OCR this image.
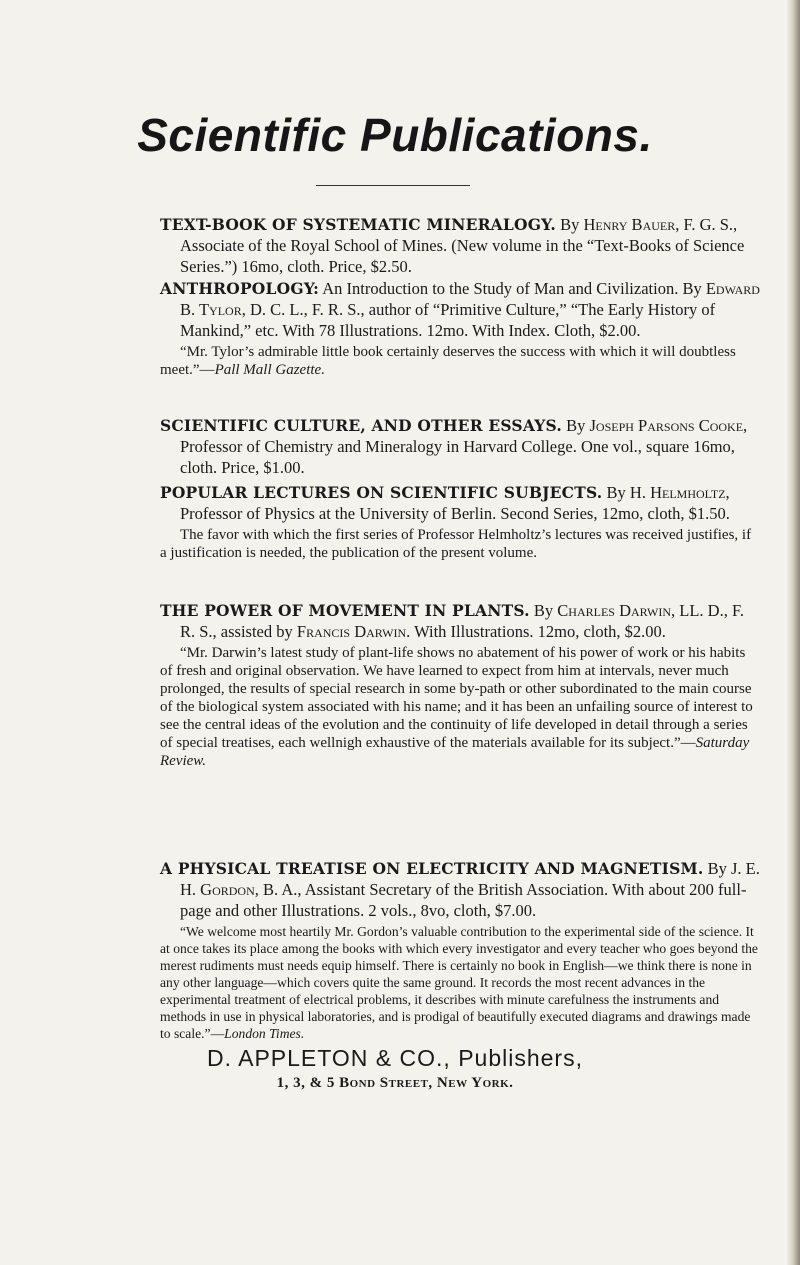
Scientific Publications.

TEXT-BOOK OF SYSTEMATIC MINERALOGY. By Henry Bauer, F. G. S., Associate of the Royal School of Mines. (New volume in the “Text-Books of Science Series.”) 16mo, cloth. Price, $2.50.

ANTHROPOLOGY: An Introduction to the Study of Man and Civilization. By Edward B. Tylor, D. C. L., F. R. S., author of “Primitive Culture,” “The Early History of Mankind,” etc. With 78 Illustrations. 12mo. With Index. Cloth, $2.00.

“Mr. Tylor’s admirable little book certainly deserves the success with which it will doubtless meet.”—Pall Mall Gazette.

SCIENTIFIC CULTURE, AND OTHER ESSAYS. By Joseph Parsons Cooke, Professor of Chemistry and Mineralogy in Harvard College. One vol., square 16mo, cloth. Price, $1.00.

POPULAR LECTURES ON SCIENTIFIC SUBJECTS. By H. Helmholtz, Professor of Physics at the University of Berlin. Second Series, 12mo, cloth, $1.50.

The favor with which the first series of Professor Helmholtz’s lectures was received justifies, if a justification is needed, the publication of the present volume.

THE POWER OF MOVEMENT IN PLANTS. By Charles Darwin, LL. D., F. R. S., assisted by Francis Darwin. With Illustrations. 12mo, cloth, $2.00.

“Mr. Darwin’s latest study of plant-life shows no abatement of his power of work or his habits of fresh and original observation. We have learned to expect from him at intervals, never much prolonged, the results of special research in some by-path or other subordinated to the main course of the biological system associated with his name; and it has been an unfailing source of interest to see the central ideas of the evolution and the continuity of life developed in detail through a series of special treatises, each wellnigh exhaustive of the materials available for its subject.”—Saturday Review.

A PHYSICAL TREATISE ON ELECTRICITY AND MAGNETISM. By J. E. H. Gordon, B. A., Assistant Secretary of the British Association. With about 200 full-page and other Illustrations. 2 vols., 8vo, cloth, $7.00.

“We welcome most heartily Mr. Gordon’s valuable contribution to the experimental side of the science. It at once takes its place among the books with which every investigator and every teacher who goes beyond the merest rudiments must needs equip himself. There is certainly no book in English—we think there is none in any other language—which covers quite the same ground. It records the most recent advances in the experimental treatment of electrical problems, it describes with minute carefulness the instruments and methods in use in physical laboratories, and is prodigal of beautifully executed diagrams and drawings made to scale.”—London Times.

D. APPLETON & CO., Publishers,
1, 3, & 5 Bond Street, New York.
